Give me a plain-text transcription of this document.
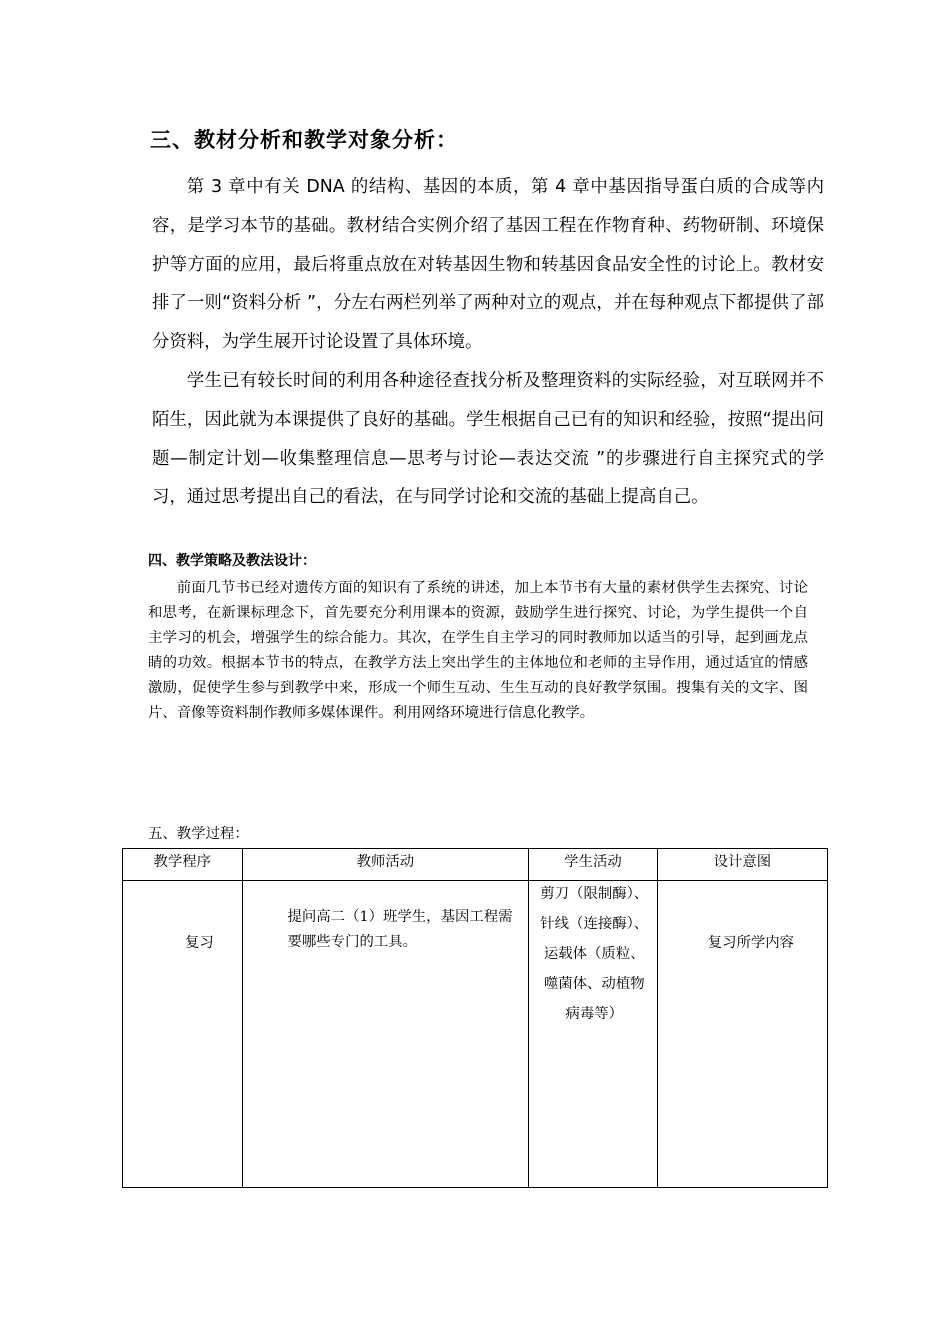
三、教材分析和教学对象分析：

第 3 章中有关 DNA 的结构、基因的本质，第 4 章中基因指导蛋白质的合成等内容，是学习本节的基础。教材结合实例介绍了基因工程在作物育种、药物研制、环境保护等方面的应用，最后将重点放在对转基因生物和转基因食品安全性的讨论上。教材安排了一则“资料分析 ”，分左右两栏列举了两种对立的观点，并在每种观点下都提供了部分资料，为学生展开讨论设置了具体环境。

学生已有较长时间的利用各种途径查找分析及整理资料的实际经验，对互联网并不陌生，因此就为本课提供了良好的基础。学生根据自己已有的知识和经验，按照“提出问题—制定计划—收集整理信息—思考与讨论—表达交流 ”的步骤进行自主探究式的学习，通过思考提出自己的看法，在与同学讨论和交流的基础上提高自己。

四、教学策略及教法设计：

前面几节书已经对遗传方面的知识有了系统的讲述，加上本节书有大量的素材供学生去探究、讨论和思考，在新课标理念下，首先要充分利用课本的资源，鼓励学生进行探究、讨论，为学生提供一个自主学习的机会，增强学生的综合能力。其次，在学生自主学习的同时教师加以适当的引导，起到画龙点睛的功效。根据本节书的特点，在教学方法上突出学生的主体地位和老师的主导作用，通过适宜的情感激励，促使学生参与到教学中来，形成一个师生互动、生生互动的良好教学氛围。搜集有关的文字、图片、音像等资料制作教师多媒体课件。利用网络环境进行信息化教学。

五、教学过程：
教学程序	教师活动	学生活动	设计意图

复习	提问高二（1）班学生，基因工程需要哪些专门的工具。	剪刀（限制酶）、针线（连接酶）、运载体（质粒、噬菌体、动植物病毒等）	复习所学内容
